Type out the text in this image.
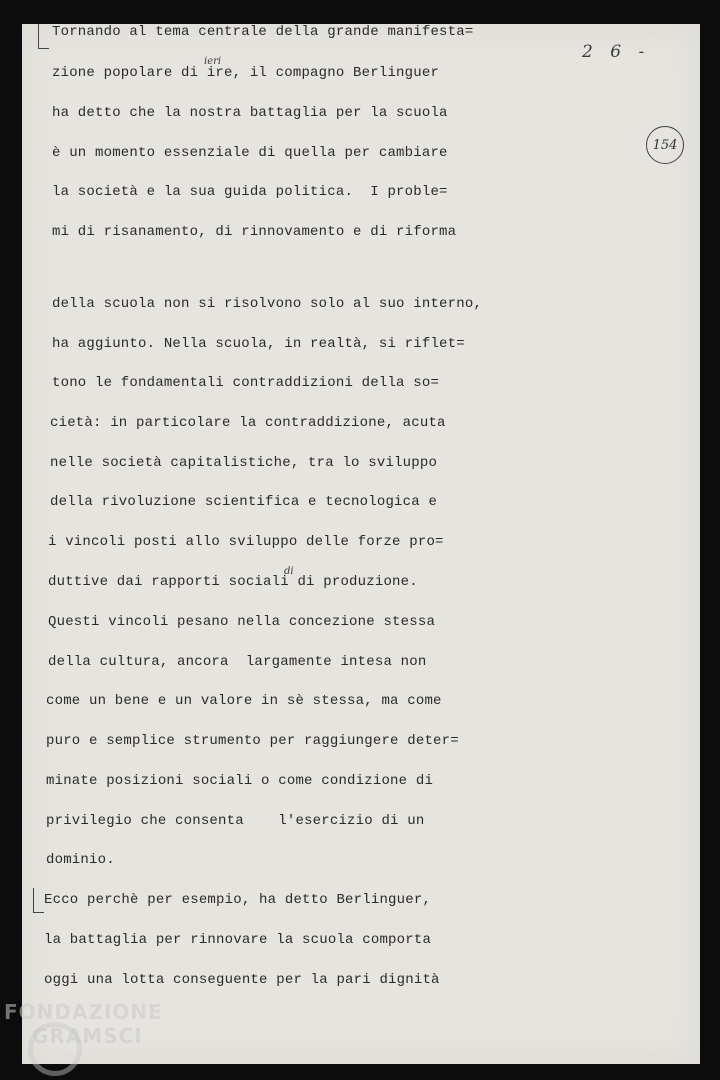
2 6 -
154
ieri
di
Tornando al tema centrale della grande manifesta=
zione popolare di ire, il compagno Berlinguer
ha detto che la nostra battaglia per la scuola
è un momento essenziale di quella per cambiare
la società e la sua guida politica.  I proble=
mi di risanamento, di rinnovamento e di riforma
della scuola non si risolvono solo al suo interno,
ha aggiunto. Nella scuola, in realtà, si riflet=
tono le fondamentali contraddizioni della so=
cietà: in particolare la contraddizione, acuta
nelle società capitalistiche, tra lo sviluppo
della rivoluzione scientifica e tecnologica e
i vincoli posti allo sviluppo delle forze pro=
duttive dai rapporti sociali di produzione.
Questi vincoli pesano nella concezione stessa
della cultura, ancora  largamente intesa non
come un bene e un valore in sè stessa, ma come
puro e semplice strumento per raggiungere deter=
minate posizioni sociali o come condizione di
privilegio che consenta    l'esercizio di un
dominio.
Ecco perchè per esempio, ha detto Berlinguer,
la battaglia per rinnovare la scuola comporta
oggi una lotta conseguente per la pari dignità
FONDAZIONE
GRAMSCI
